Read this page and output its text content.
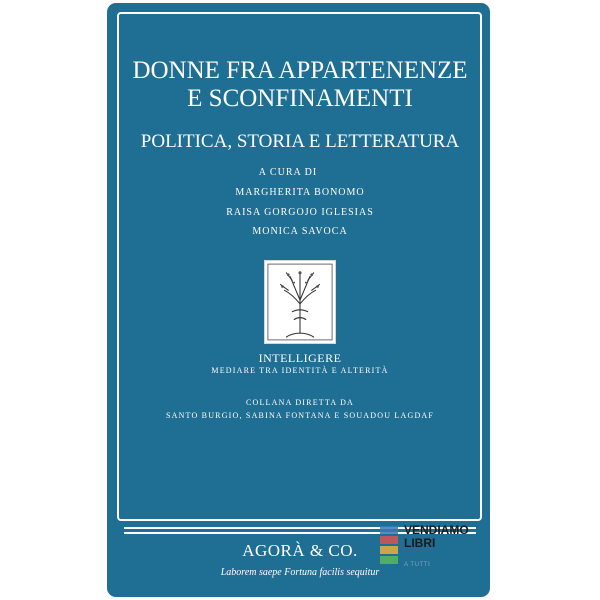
DONNE FRA APPARTENENZE
E SCONFINAMENTI
POLITICA, STORIA E LETTERATURA
A CURA DI
MARGHERITA BONOMO
RAISA GORGOJO IGLESIAS
MONICA SAVOCA
INTELLIGERE
MEDIARE TRA IDENTITÀ E ALTERITÀ
COLLANA DIRETTA DA
SANTO BURGIO, SABINA FONTANA E SOUADOU LAGDAF
AGORÀ & CO.
Laborem saepe Fortuna facilis sequitur
VENDIAMO
LIBRI
A TUTTI
